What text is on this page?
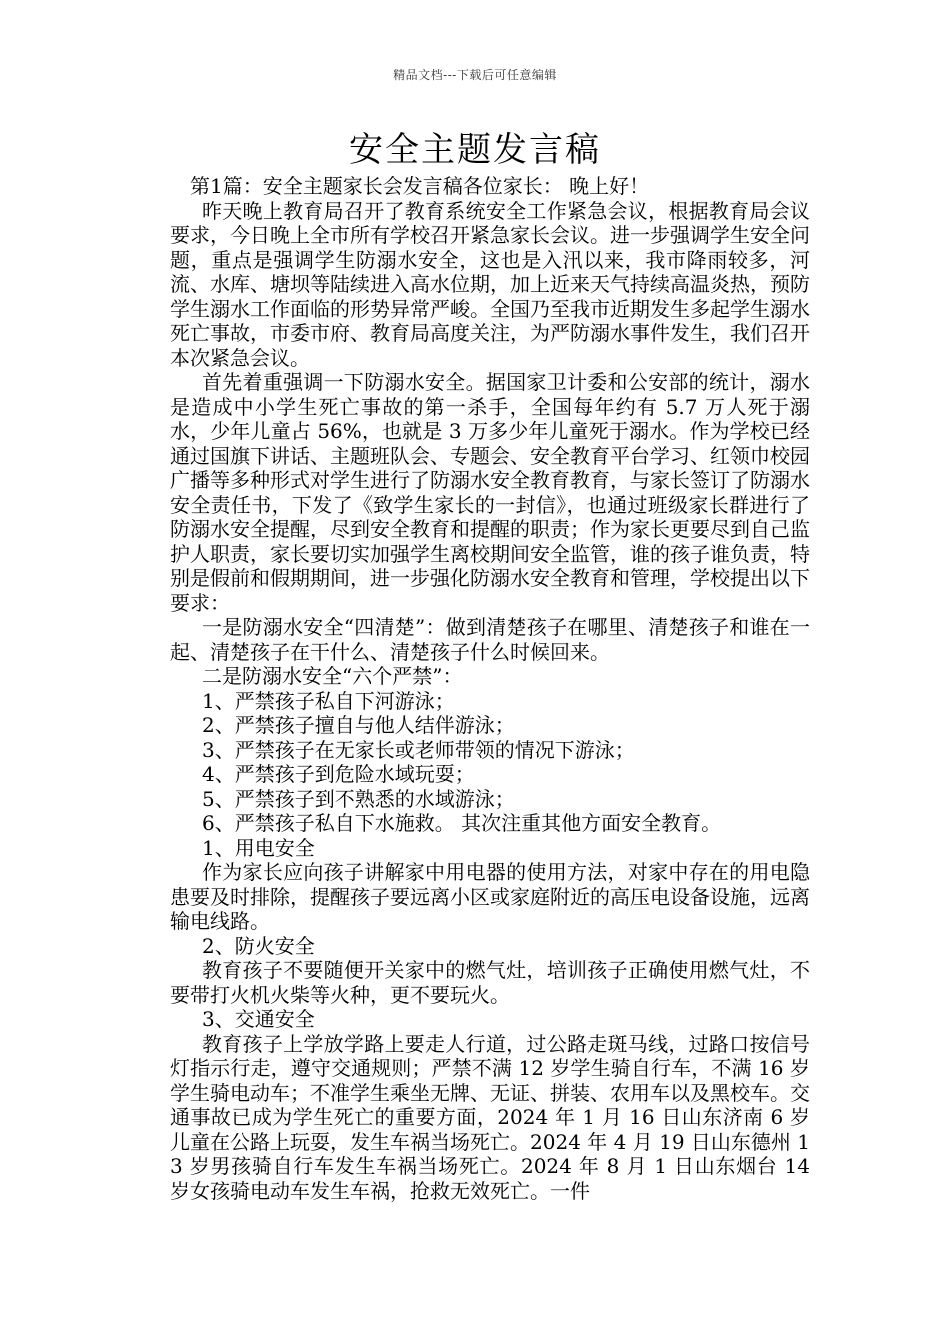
精品文档---下载后可任意编辑
安全主题发言稿

第1篇：安全主题家长会发言稿各位家长： 晚上好！

昨天晚上教育局召开了教育系统安全工作紧急会议，根据教育局会议要求，今日晚上全市所有学校召开紧急家长会议。进一步强调学生安全问题，重点是强调学生防溺水安全，这也是入汛以来，我市降雨较多，河流、水库、塘坝等陆续进入高水位期，加上近来天气持续高温炎热，预防学生溺水工作面临的形势异常严峻。全国乃至我市近期发生多起学生溺水死亡事故，市委市府、教育局高度关注，为严防溺水事件发生，我们召开本次紧急会议。

首先着重强调一下防溺水安全。据国家卫计委和公安部的统计，溺水是造成中小学生死亡事故的第一杀手，全国每年约有 5.7 万人死于溺水，少年儿童占 56%，也就是 3 万多少年儿童死于溺水。作为学校已经通过国旗下讲话、主题班队会、专题会、安全教育平台学习、红领巾校园广播等多种形式对学生进行了防溺水安全教育教育，与家长签订了防溺水安全责任书，下发了《致学生家长的一封信》，也通过班级家长群进行了防溺水安全提醒，尽到安全教育和提醒的职责；作为家长更要尽到自己监护人职责，家长要切实加强学生离校期间安全监管，谁的孩子谁负责，特别是假前和假期期间，进一步强化防溺水安全教育和管理，学校提出以下要求：

一是防溺水安全“四清楚”：做到清楚孩子在哪里、清楚孩子和谁在一起、清楚孩子在干什么、清楚孩子什么时候回来。

二是防溺水安全“六个严禁”：

1、严禁孩子私自下河游泳；

2、严禁孩子擅自与他人结伴游泳；

3、严禁孩子在无家长或老师带领的情况下游泳；

4、严禁孩子到危险水域玩耍；

5、严禁孩子到不熟悉的水域游泳；

6、严禁孩子私自下水施救。 其次注重其他方面安全教育。

1、用电安全

作为家长应向孩子讲解家中用电器的使用方法，对家中存在的用电隐患要及时排除，提醒孩子要远离小区或家庭附近的高压电设备设施，远离输电线路。

2、防火安全

教育孩子不要随便开关家中的燃气灶，培训孩子正确使用燃气灶，不要带打火机火柴等火种，更不要玩火。

3、交通安全

教育孩子上学放学路上要走人行道，过公路走斑马线，过路口按信号灯指示行走，遵守交通规则；严禁不满 12 岁学生骑自行车，不满 16 岁学生骑电动车；不准学生乘坐无牌、无证、拼装、农用车以及黑校车。交通事故已成为学生死亡的重要方面，2024 年 1 月 16 日山东济南 6 岁儿童在公路上玩耍，发生车祸当场死亡。2024 年 4 月 19 日山东德州 13 岁男孩骑自行车发生车祸当场死亡。2024 年 8 月 1 日山东烟台 14 岁女孩骑电动车发生车祸，抢救无效死亡。一件
